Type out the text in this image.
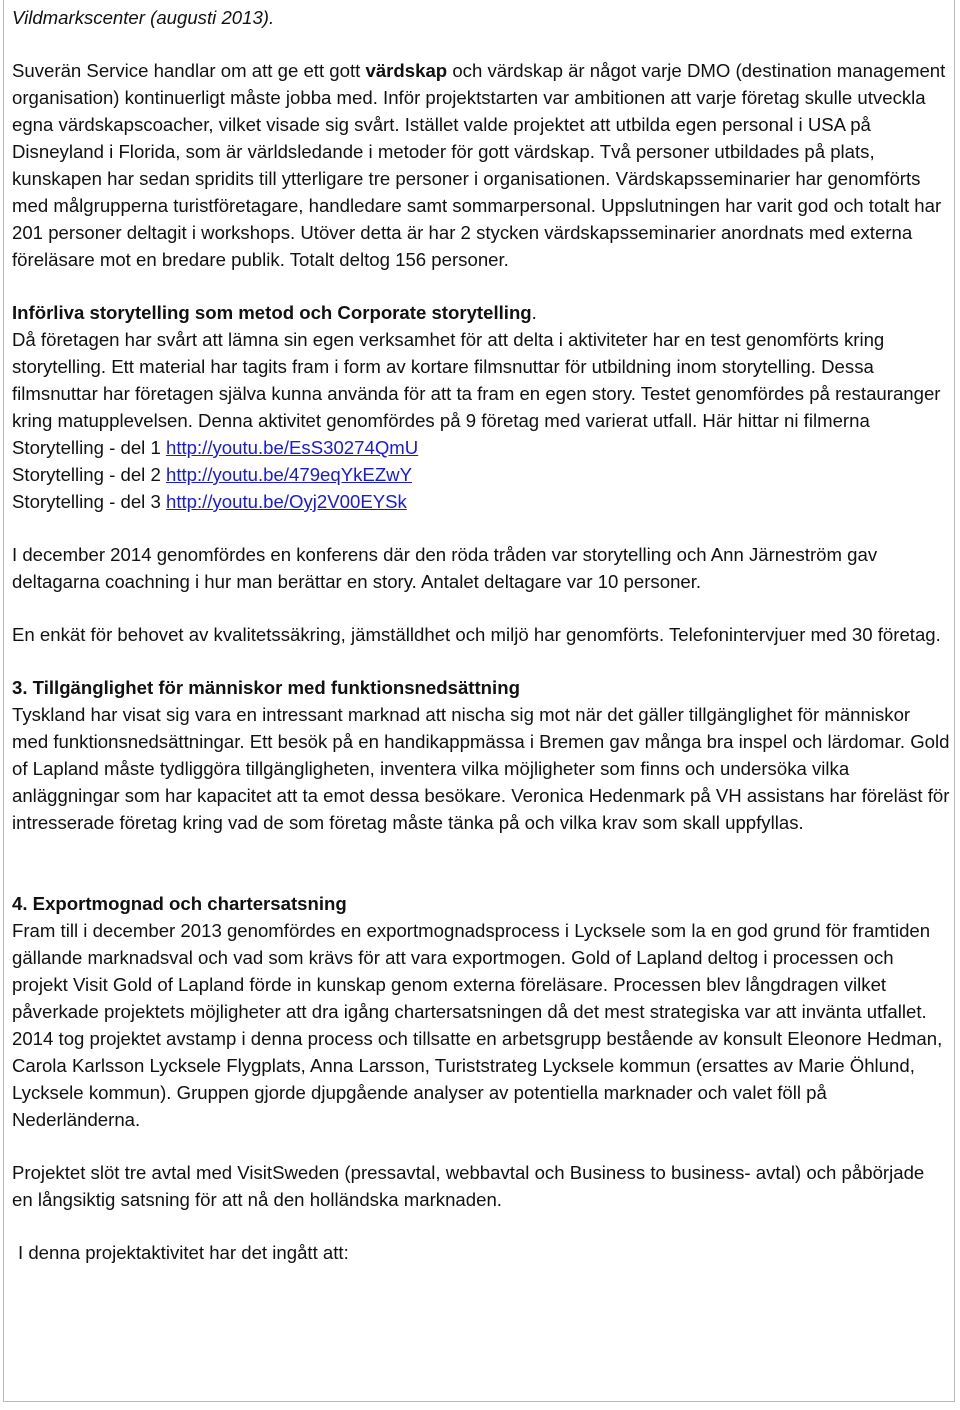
Vildmarkscenter (augusti 2013).

Suverän Service handlar om att ge ett gott värdskap och värdskap är något varje DMO (destination management organisation) kontinuerligt måste jobba med. Inför projektstarten var ambitionen att varje företag skulle utveckla egna värdskapscoacher, vilket visade sig svårt. Istället valde projektet att utbilda egen personal i USA på Disneyland i Florida, som är världsledande i metoder för gott värdskap. Två personer utbildades på plats, kunskapen har sedan spridits till ytterligare tre personer i organisationen. Värdskapsseminarier har genomförts med målgrupperna turistföretagare, handledare samt sommarpersonal. Uppslutningen har varit god och totalt har 201 personer deltagit i workshops. Utöver detta är har 2 stycken värdskapsseminarier anordnats med externa föreläsare mot en bredare publik. Totalt deltog 156 personer.

Införliva storytelling som metod och Corporate storytelling.

Då företagen har svårt att lämna sin egen verksamhet för att delta i aktiviteter har en test genomförts kring storytelling. Ett material har tagits fram i form av kortare filmsnuttar för utbildning inom storytelling. Dessa filmsnuttar har företagen själva kunna använda för att ta fram en egen story. Testet genomfördes på restauranger kring matupplevelsen. Denna aktivitet genomfördes på 9 företag med varierat utfall. Här hittar ni filmerna

Storytelling - del 1 http://youtu.be/EsS30274QmU

Storytelling - del 2 http://youtu.be/479eqYkEZwY

Storytelling - del 3 http://youtu.be/Oyj2V00EYSk

I december 2014 genomfördes en konferens där den röda tråden var storytelling och Ann Järneström gav deltagarna coachning i hur man berättar en story. Antalet deltagare var 10 personer.

En enkät för behovet av kvalitetssäkring, jämställdhet och miljö har genomförts. Telefonintervjuer med 30 företag.

3. Tillgänglighet för människor med funktionsnedsättning

Tyskland har visat sig vara en intressant marknad att nischa sig mot när det gäller tillgänglighet för människor med funktionsnedsättningar. Ett besök på en handikappmässa i Bremen gav många bra inspel och lärdomar. Gold of Lapland måste tydliggöra tillgängligheten, inventera vilka möjligheter som finns och undersöka vilka anläggningar som har kapacitet att ta emot dessa besökare. Veronica Hedenmark på VH assistans har föreläst för intresserade företag kring vad de som företag måste tänka på och vilka krav som skall uppfyllas.

4. Exportmognad och chartersatsning

Fram till i december 2013 genomfördes en exportmognadsprocess i Lycksele som la en god grund för framtiden gällande marknadsval och vad som krävs för att vara exportmogen. Gold of Lapland deltog i processen och projekt Visit Gold of Lapland förde in kunskap genom externa föreläsare. Processen blev långdragen vilket påverkade projektets möjligheter att dra igång chartersatsningen då det mest strategiska var att invänta utfallet. 2014 tog projektet avstamp i denna process och tillsatte en arbetsgrupp bestående av konsult Eleonore Hedman, Carola Karlsson Lycksele Flygplats, Anna Larsson, Turiststrateg Lycksele kommun (ersattes av Marie Öhlund, Lycksele kommun). Gruppen gjorde djupgående analyser av potentiella marknader och valet föll på Nederländerna.

Projektet slöt tre avtal med VisitSweden (pressavtal, webbavtal och Business to business- avtal) och påbörjade en långsiktig satsning för att nå den holländska marknaden.

I denna projektaktivitet har det ingått att:
